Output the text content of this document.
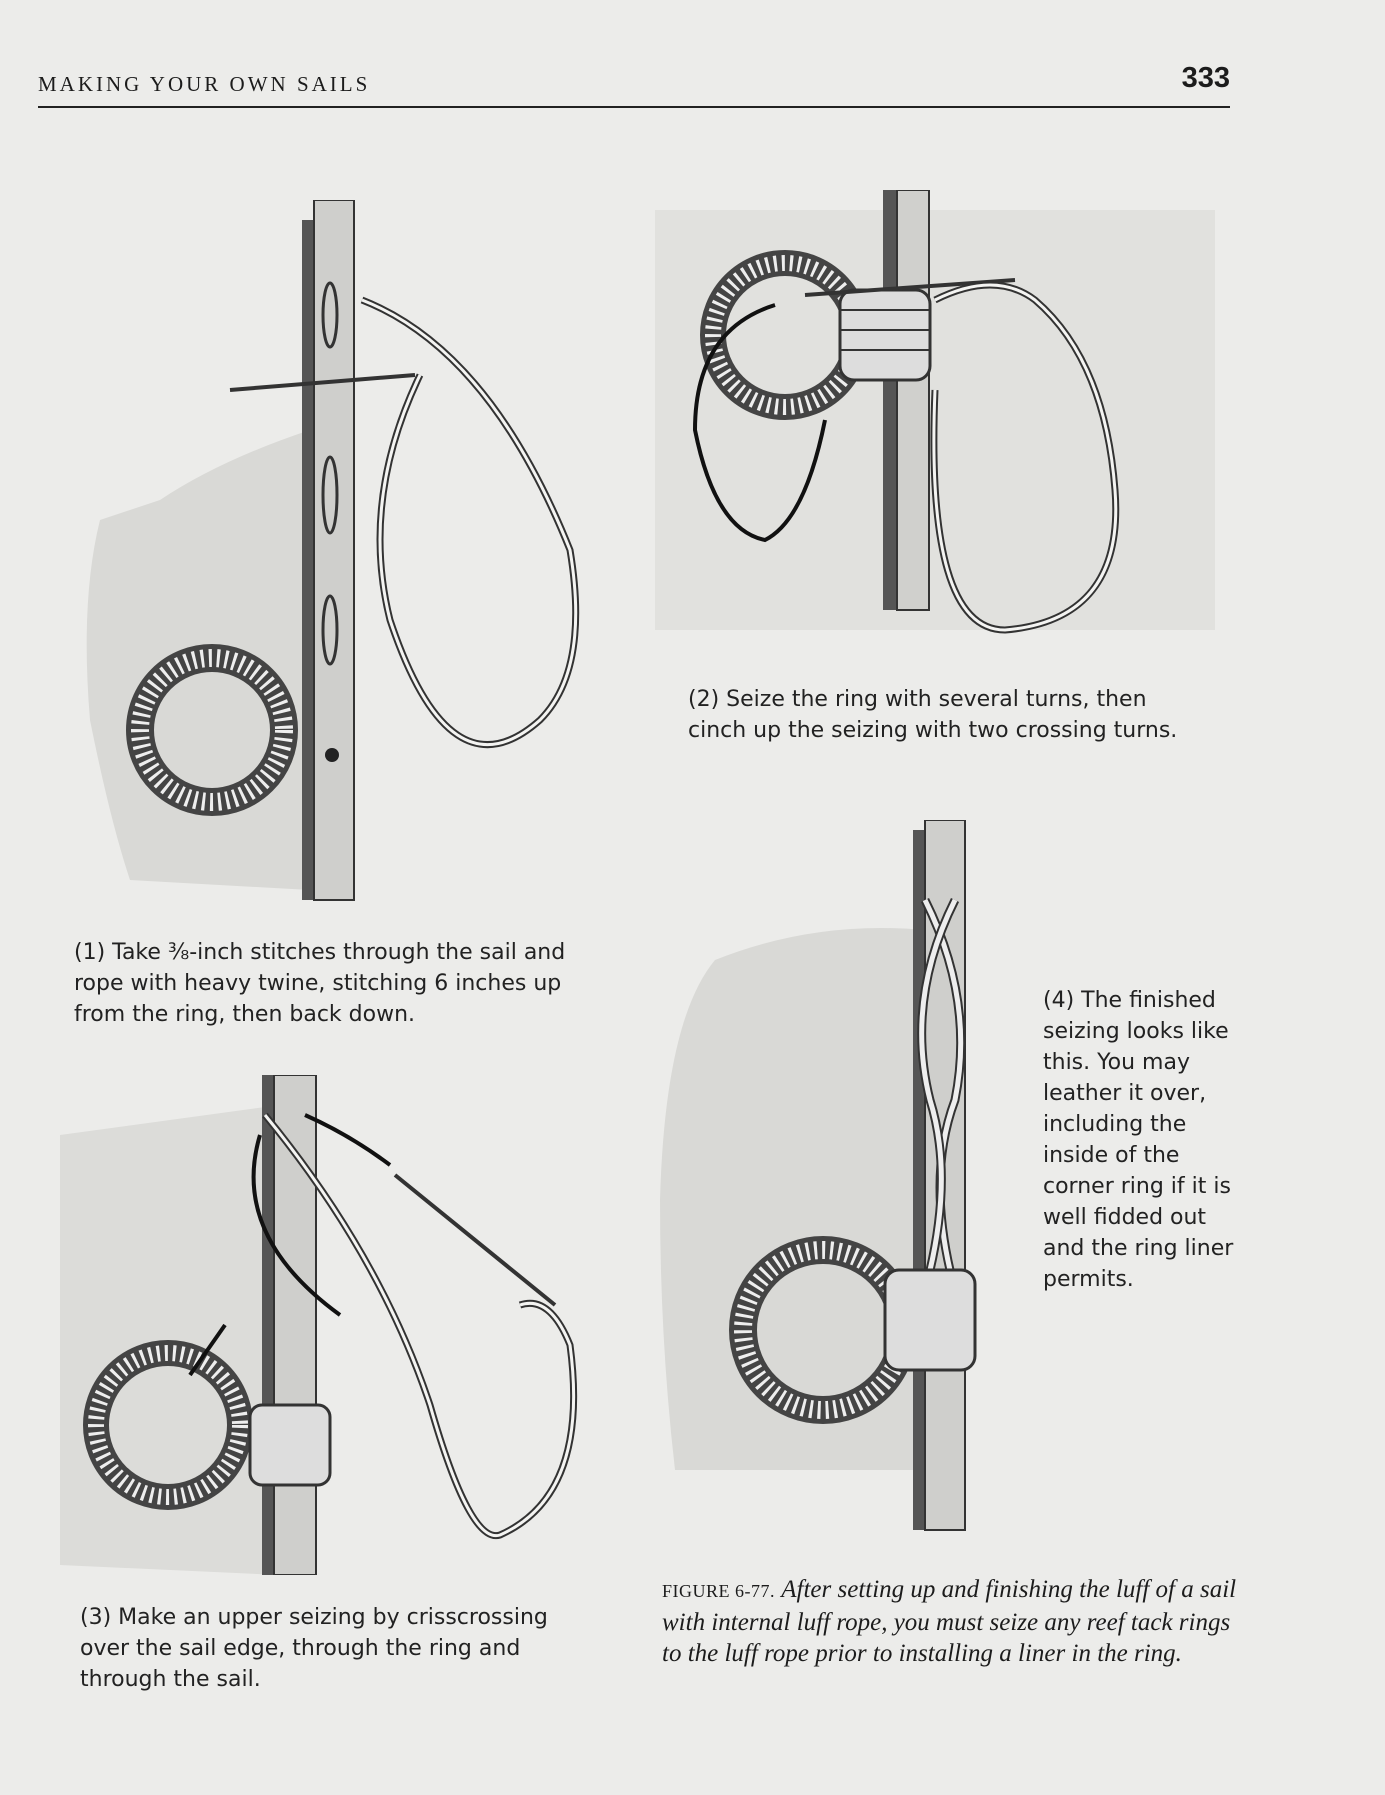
MAKING YOUR OWN SAILS	333
(1) Take ⅜-inch stitches through the sail and rope with heavy twine, stitching 6 inches up from the ring, then back down.
(2) Seize the ring with several turns, then cinch up the seizing with two crossing turns.
(3) Make an upper seizing by crisscrossing over the sail edge, through the ring and through the sail.
(4) The finished seizing looks like this. You may leather it over, including the inside of the corner ring if it is well fidded out and the ring liner permits.
FIGURE 6-77. After setting up and finishing the luff of a sail with internal luff rope, you must seize any reef tack rings to the luff rope prior to installing a liner in the ring.
